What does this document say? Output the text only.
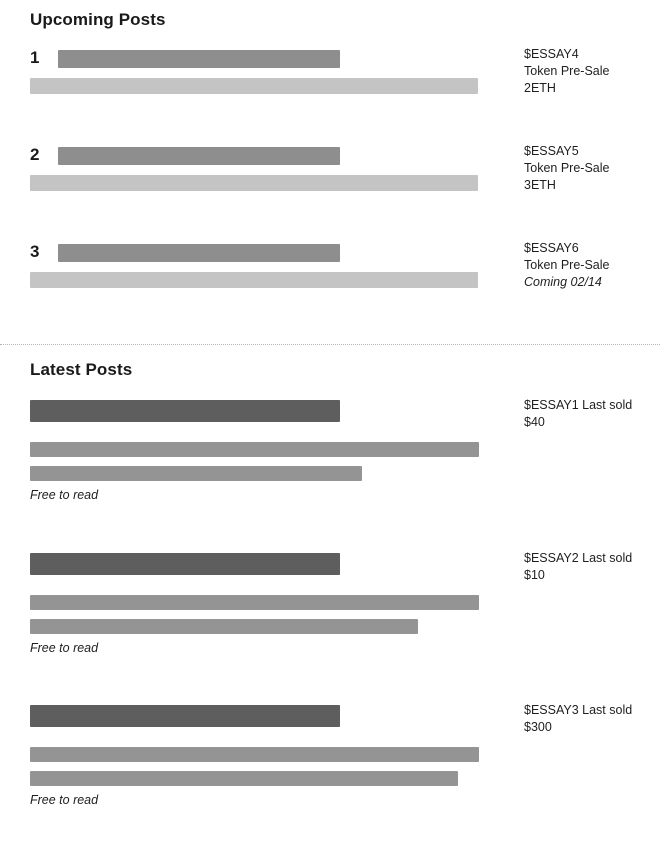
Upcoming Posts
1	$ESSAY4
Token Pre-Sale
2ETH
2	$ESSAY5
Token Pre-Sale
3ETH
3	$ESSAY6
Token Pre-Sale
Coming 02/14
Latest Posts
Free to read
$ESSAY1 Last sold $40
Free to read
$ESSAY2 Last sold $10
Free to read
$ESSAY3 Last sold $300
